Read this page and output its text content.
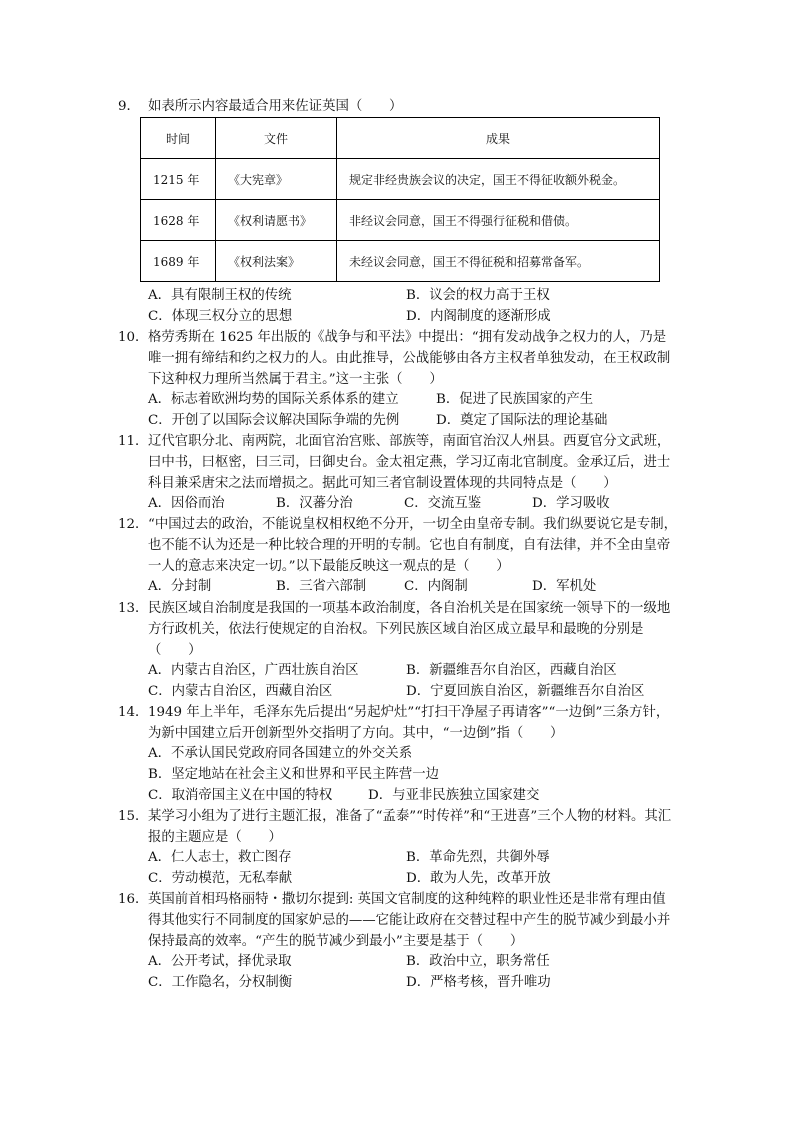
9． 如表所示内容最适合用来佐证英国（　　）
时间	文件	成果
1215 年	《大宪章》	规定非经贵族会议的决定，国王不得征收额外税金。
1628 年	《权利请愿书》	非经议会同意，国王不得强行征税和借债。
1689 年	《权利法案》	未经议会同意，国王不得征税和招募常备军。
A．具有限制王权的传统	B．议会的权力高于王权
C．体现三权分立的思想	D．内阁制度的逐渐形成
10．格劳秀斯在 1625 年出版的《战争与和平法》中提出：“拥有发动战争之权力的人，乃是唯一拥有缔结和约之权力的人。由此推导，公战能够由各方主权者单独发动，在王权政制下这种权力理所当然属于君主。”这一主张（　　）
A．标志着欧洲均势的国际关系体系的建立	B．促进了民族国家的产生
C．开创了以国际会议解决国际争端的先例	D．奠定了国际法的理论基础
11．辽代官职分北、南两院，北面官治宫账、部族等，南面官治汉人州县。西夏官分文武班，曰中书，曰枢密，曰三司，曰御史台。金太祖定燕，学习辽南北官制度。金承辽后，进士科目兼采唐宋之法而增损之。据此可知三者官制设置体现的共同特点是（　　）
A．因俗而治	B．汉蕃分治	C．交流互鉴	D．学习吸收
12．“中国过去的政治，不能说皇权相权绝不分开，一切全由皇帝专制。我们纵要说它是专制，也不能不认为还是一种比较合理的开明的专制。它也自有制度，自有法律，并不全由皇帝一人的意志来决定一切。”以下最能反映这一观点的是（　　）
A．分封制	B．三省六部制	C．内阁制	D．军机处
13．民族区域自治制度是我国的一项基本政治制度，各自治机关是在国家统一领导下的一级地方行政机关，依法行使规定的自治权。下列民族区域自治区成立最早和最晚的分别是（　　）
A．内蒙古自治区，广西壮族自治区	B．新疆维吾尔自治区，西藏自治区
C．内蒙古自治区，西藏自治区	D．宁夏回族自治区，新疆维吾尔自治区
14．1949 年上半年，毛泽东先后提出“另起炉灶”“打扫干净屋子再请客”“一边倒”三条方针，为新中国建立后开创新型外交指明了方向。其中，“一边倒”指（　　）
A．不承认国民党政府同各国建立的外交关系
B．坚定地站在社会主义和世界和平民主阵营一边
C．取消帝国主义在中国的特权	D．与亚非民族独立国家建交
15．某学习小组为了进行主题汇报，准备了“孟泰”“时传祥”和“王进喜”三个人物的材料。其汇报的主题应是（　　）
A．仁人志士，救亡图存	B．革命先烈，共御外辱
C．劳动模范，无私奉献	D．敢为人先，改革开放
16．英国前首相玛格丽特・撒切尔提到: 英国文官制度的这种纯粹的职业性还是非常有理由值得其他实行不同制度的国家妒忌的——它能让政府在交替过程中产生的脱节减少到最小并保持最高的效率。“产生的脱节减少到最小”主要是基于（　　）
A．公开考试，择优录取	B．政治中立，职务常任
C．工作隐名，分权制衡	D．严格考核，晋升唯功
